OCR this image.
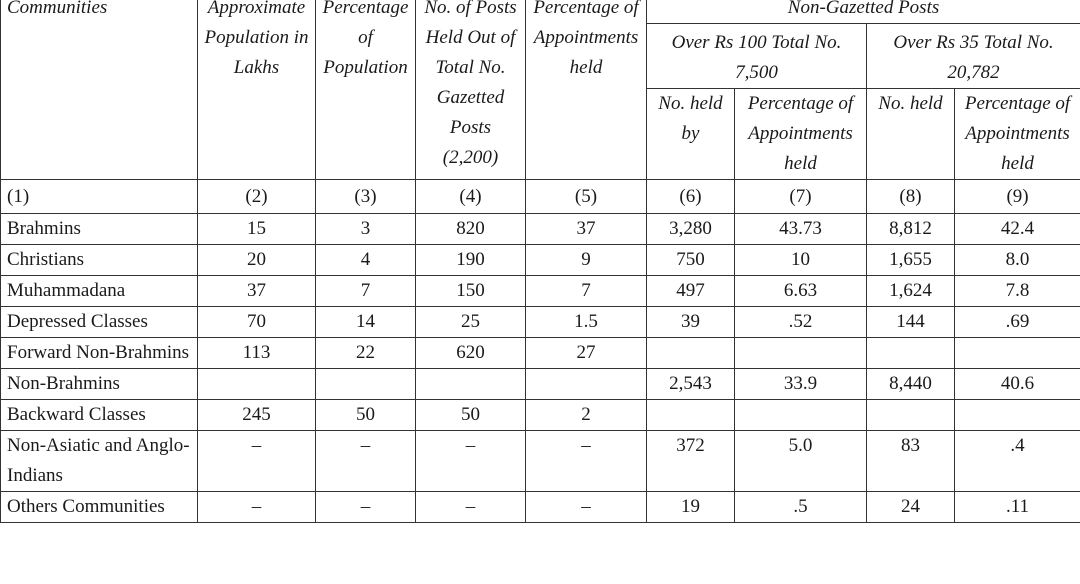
Communities	Approximate Population in Lakhs	Percentage of Population	No. of Posts Held Out of Total No. Gazetted Posts (2,200)	Percentage of Appointments held	Non-Gazetted Posts			
					Over Rs 100 Total No. 7,500		Over Rs 35 Total No. 20,782	
					No. held by	Percentage of Appointments held	No. held	Percentage of Appointments held
(1)	(2)	(3)	(4)	(5)	(6)	(7)	(8)	(9)
Brahmins	15	3	820	37	3,280	43.73	8,812	42.4
Christians	20	4	190	9	750	10	1,655	8.0
Muhammadana	37	7	150	7	497	6.63	1,624	7.8
Depressed Classes	70	14	25	1.5	39	.52	144	.69
Forward Non-Brahmins	113	22	620	27				
Non-Brahmins					2,543	33.9	8,440	40.6
Backward Classes	245	50	50	2				
Non-Asiatic and Anglo-Indians	–	–	–	–	372	5.0	83	.4
Others Communities	–	–	–	–	19	.5	24	.11
